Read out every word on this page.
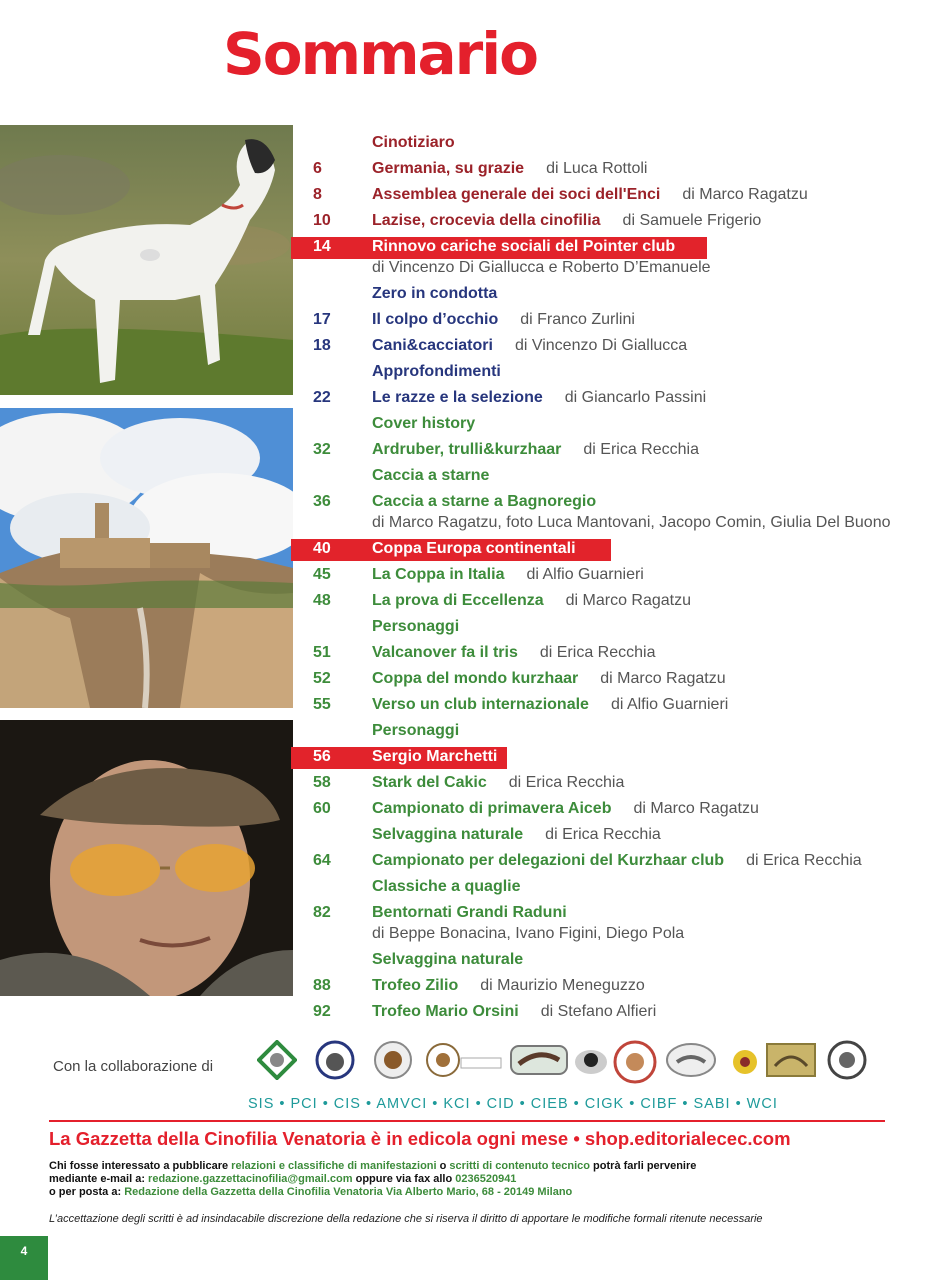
Sommario
Cinotiziaro
6	Germania, su grazie di Luca Rottoli
8	Assemblea generale dei soci dell'Enci di Marco Ragatzu
10	Lazise, crocevia della cinofilia di Samuele Frigerio
14	Rinnovo cariche sociali del Pointer club
di Vincenzo Di Giallucca e Roberto D’Emanuele
Zero in condotta
17	Il colpo d’occhio di Franco Zurlini
18	Cani&cacciatori di Vincenzo Di Giallucca
Approfondimenti
22	Le razze e la selezione di Giancarlo Passini
Cover history
32	Ardruber, trulli&kurzhaar di Erica Recchia
Caccia a starne
36	Caccia a starne a Bagnoregio
di Marco Ragatzu, foto Luca Mantovani, Jacopo Comin, Giulia Del Buono
40	Coppa Europa continentali
45	La Coppa in Italia di Alfio Guarnieri
48	La prova di Eccellenza di Marco Ragatzu
Personaggi
51	Valcanover fa il tris di Erica Recchia
52	Coppa del mondo kurzhaar di Marco Ragatzu
55	Verso un club internazionale di Alfio Guarnieri
Personaggi
56	Sergio Marchetti
58	Stark del Cakic di Erica Recchia
60	Campionato di primavera Aiceb di Marco Ragatzu
Selvaggina naturale di Erica Recchia
64	Campionato per delegazioni del Kurzhaar club di Erica Recchia
Classiche a quaglie
82	Bentornati Grandi Raduni
di Beppe Bonacina, Ivano Figini, Diego Pola
Selvaggina naturale
88	Trofeo Zilio di Maurizio Meneguzzo
92	Trofeo Mario Orsini di Stefano Alfieri
Con la collaborazione di
SIS • PCI • CIS • AMVCI • KCI • CID • CIEB • CIGK • CIBF • SABI • WCI
La Gazzetta della Cinofilia Venatoria è in edicola ogni mese • shop.editorialecec.com
Chi fosse interessato a pubblicare relazioni e classifiche di manifestazioni o scritti di contenuto tecnico potrà farli pervenire
mediante e-mail a: redazione.gazzettacinofilia@gmail.com oppure via fax allo 0236520941
o per posta a: Redazione della Gazzetta della Cinofilia Venatoria Via Alberto Mario, 68 - 20149 Milano
L’accettazione degli scritti è ad insindacabile discrezione della redazione che si riserva il diritto di apportare le modifiche formali ritenute necessarie
4
